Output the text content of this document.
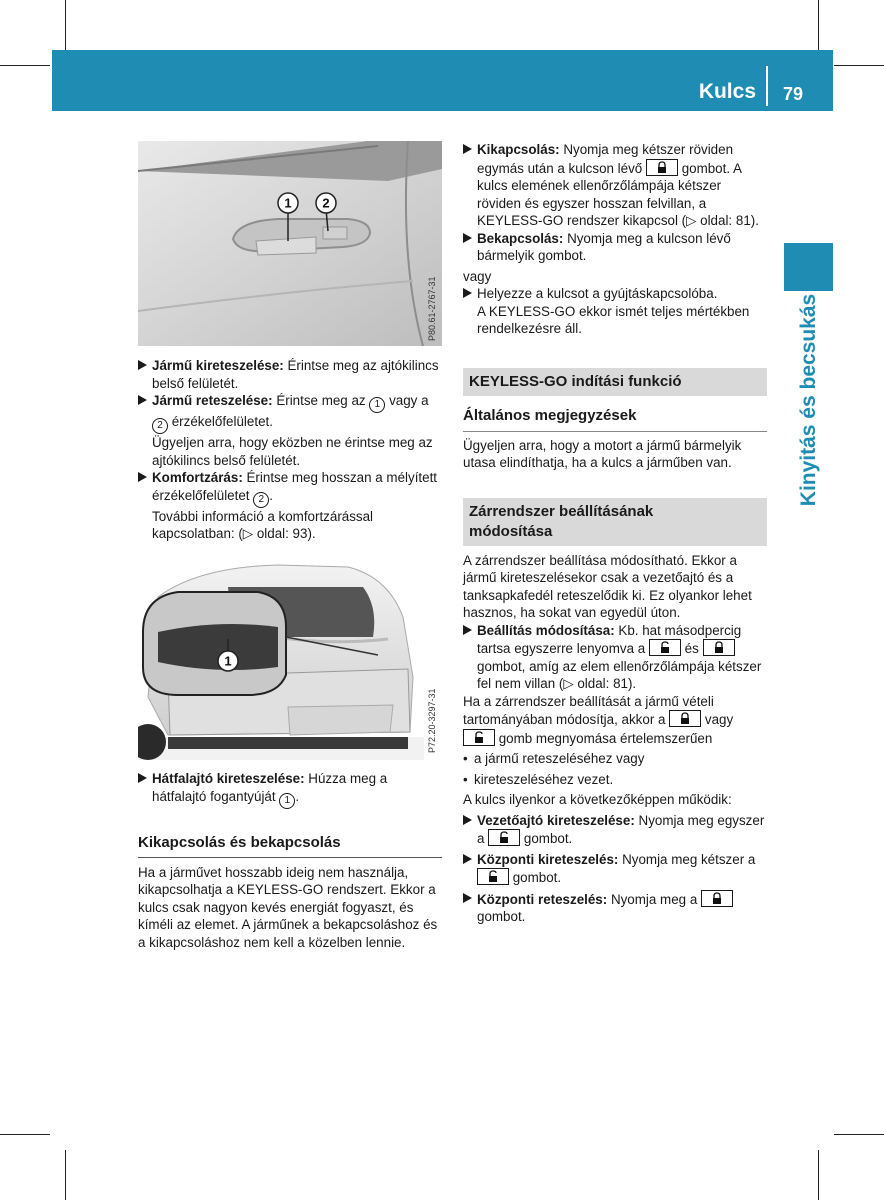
Kulcs 79
Kinyitás és becsukás
1 2
P80.61-2767-31

Jármű kireteszelése: Érintse meg az ajtókilincs belső felületét.

Jármű reteszelése: Érintse meg az 1 vagy a 2 érzékelőfelületet.

Ügyeljen arra, hogy eközben ne érintse meg az ajtókilincs belső felületét.

Komfortzárás: Érintse meg hosszan a mélyített érzékelőfelületet 2 .

További információ a komfortzárással kapcsolatban: (▷ oldal: 93).

1
P72.20-3297-31

Hátfalajtó kireteszelése: Húzza meg a hátfalajtó fogantyúját 1 .

Kikapcsolás és bekapcsolás

Ha a járművet hosszabb ideig nem használja, kikapcsolhatja a KEYLESS-GO rendszert. Ekkor a kulcs csak nagyon kevés energiát fogyaszt, és kíméli az elemet. A járműnek a bekapcsoláshoz és a kikapcsoláshoz nem kell a közelben lennie.

Kikapcsolás: Nyomja meg kétszer röviden egymás után a kulcson lévő
gombot. A kulcs elemének ellenőrzőlámpája kétszer röviden és egyszer hosszan felvillan, a KEYLESS-GO rendszer kikapcsol (▷ oldal: 81).

Bekapcsolás: Nyomja meg a kulcson lévő bármelyik gombot.

vagy

Helyezze a kulcsot a gyújtáskapcsolóba.

A KEYLESS-GO ekkor ismét teljes mértékben rendelkezésre áll.

KEYLESS-GO indítási funkció

Általános megjegyzések

Ügyeljen arra, hogy a motort a jármű bármelyik utasa elindíthatja, ha a kulcs a járműben van.

Zárrendszer beállításának módosítása

A zárrendszer beállítása módosítható. Ekkor a jármű kireteszelésekor csak a vezetőajtó és a tanksapkafedél reteszelődik ki. Ez olyankor lehet hasznos, ha sokat van egyedül úton.

Beállítás módosítása: Kb. hat másodpercig tartsa egyszerre lenyomva a
és
gombot, amíg az elem ellenőrzőlámpája kétszer fel nem villan (▷ oldal: 81).

Ha a zárrendszer beállítását a jármű vételi tartományában módosítja, akkor a
vagy
gomb megnyomása értelemszerűen

• a jármű reteszeléséhez vagy

• kireteszeléséhez vezet.

A kulcs ilyenkor a következőképpen működik:

Vezetőajtó kireteszelése: Nyomja meg egyszer a
gombot.

Központi kireteszelés: Nyomja meg kétszer a
gombot.

Központi reteszelés: Nyomja meg a
gombot.
